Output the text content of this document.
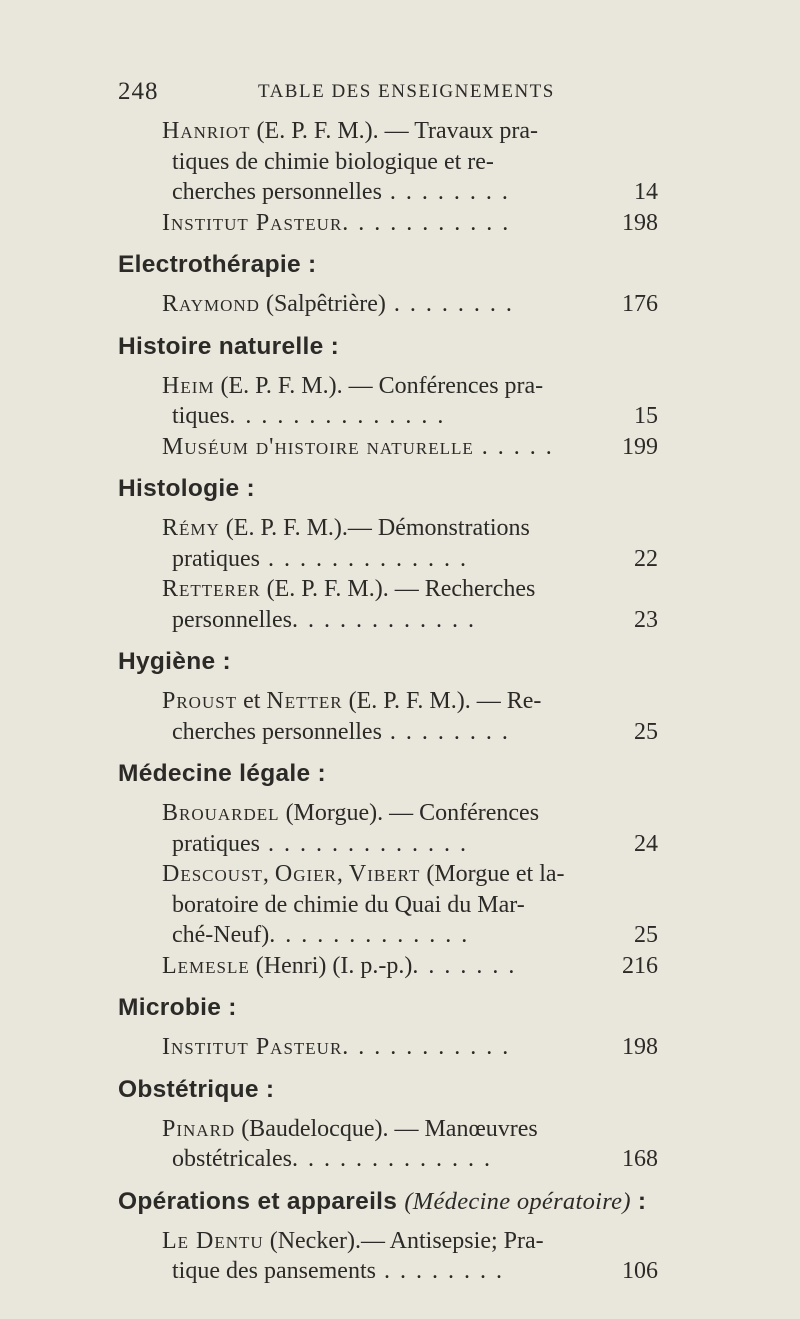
248	TABLE DES ENSEIGNEMENTS
Hanriot (E. P. F. M.). — Travaux pra-
tiques de chimie biologique et re-
cherches personnelles . . . . . . . .	14
Institut Pasteur. . . . . . . . . . .	198
Electrothérapie :
Raymond (Salpêtrière) . . . . . . . .	176
Histoire naturelle :
Heim (E. P. F. M.). — Conférences pra-
tiques. . . . . . . . . . . . . .	15
Muséum d'histoire naturelle . . . . .	199
Histologie :
Rémy (E. P. F. M.).— Démonstrations
pratiques . . . . . . . . . . . . .	22
Retterer (E. P. F. M.). — Recherches
personnelles. . . . . . . . . . . .	23
Hygiène :
Proust et Netter (E. P. F. M.). — Re-
cherches personnelles . . . . . . . .	25
Médecine légale :
Brouardel (Morgue). — Conférences
pratiques . . . . . . . . . . . . .	24
Descoust, Ogier, Vibert (Morgue et la-
boratoire de chimie du Quai du Mar-
ché-Neuf). . . . . . . . . . . . .	25
Lemesle (Henri) (I. p.-p.). . . . . . .	216
Microbie :
Institut Pasteur. . . . . . . . . . .	198
Obstétrique :
Pinard (Baudelocque). — Manœuvres
obstétricales. . . . . . . . . . . . .	168
Opérations et appareils (Médecine opératoire) :
Le Dentu (Necker).— Antisepsie; Pra-
tique des pansements . . . . . . . .	106
